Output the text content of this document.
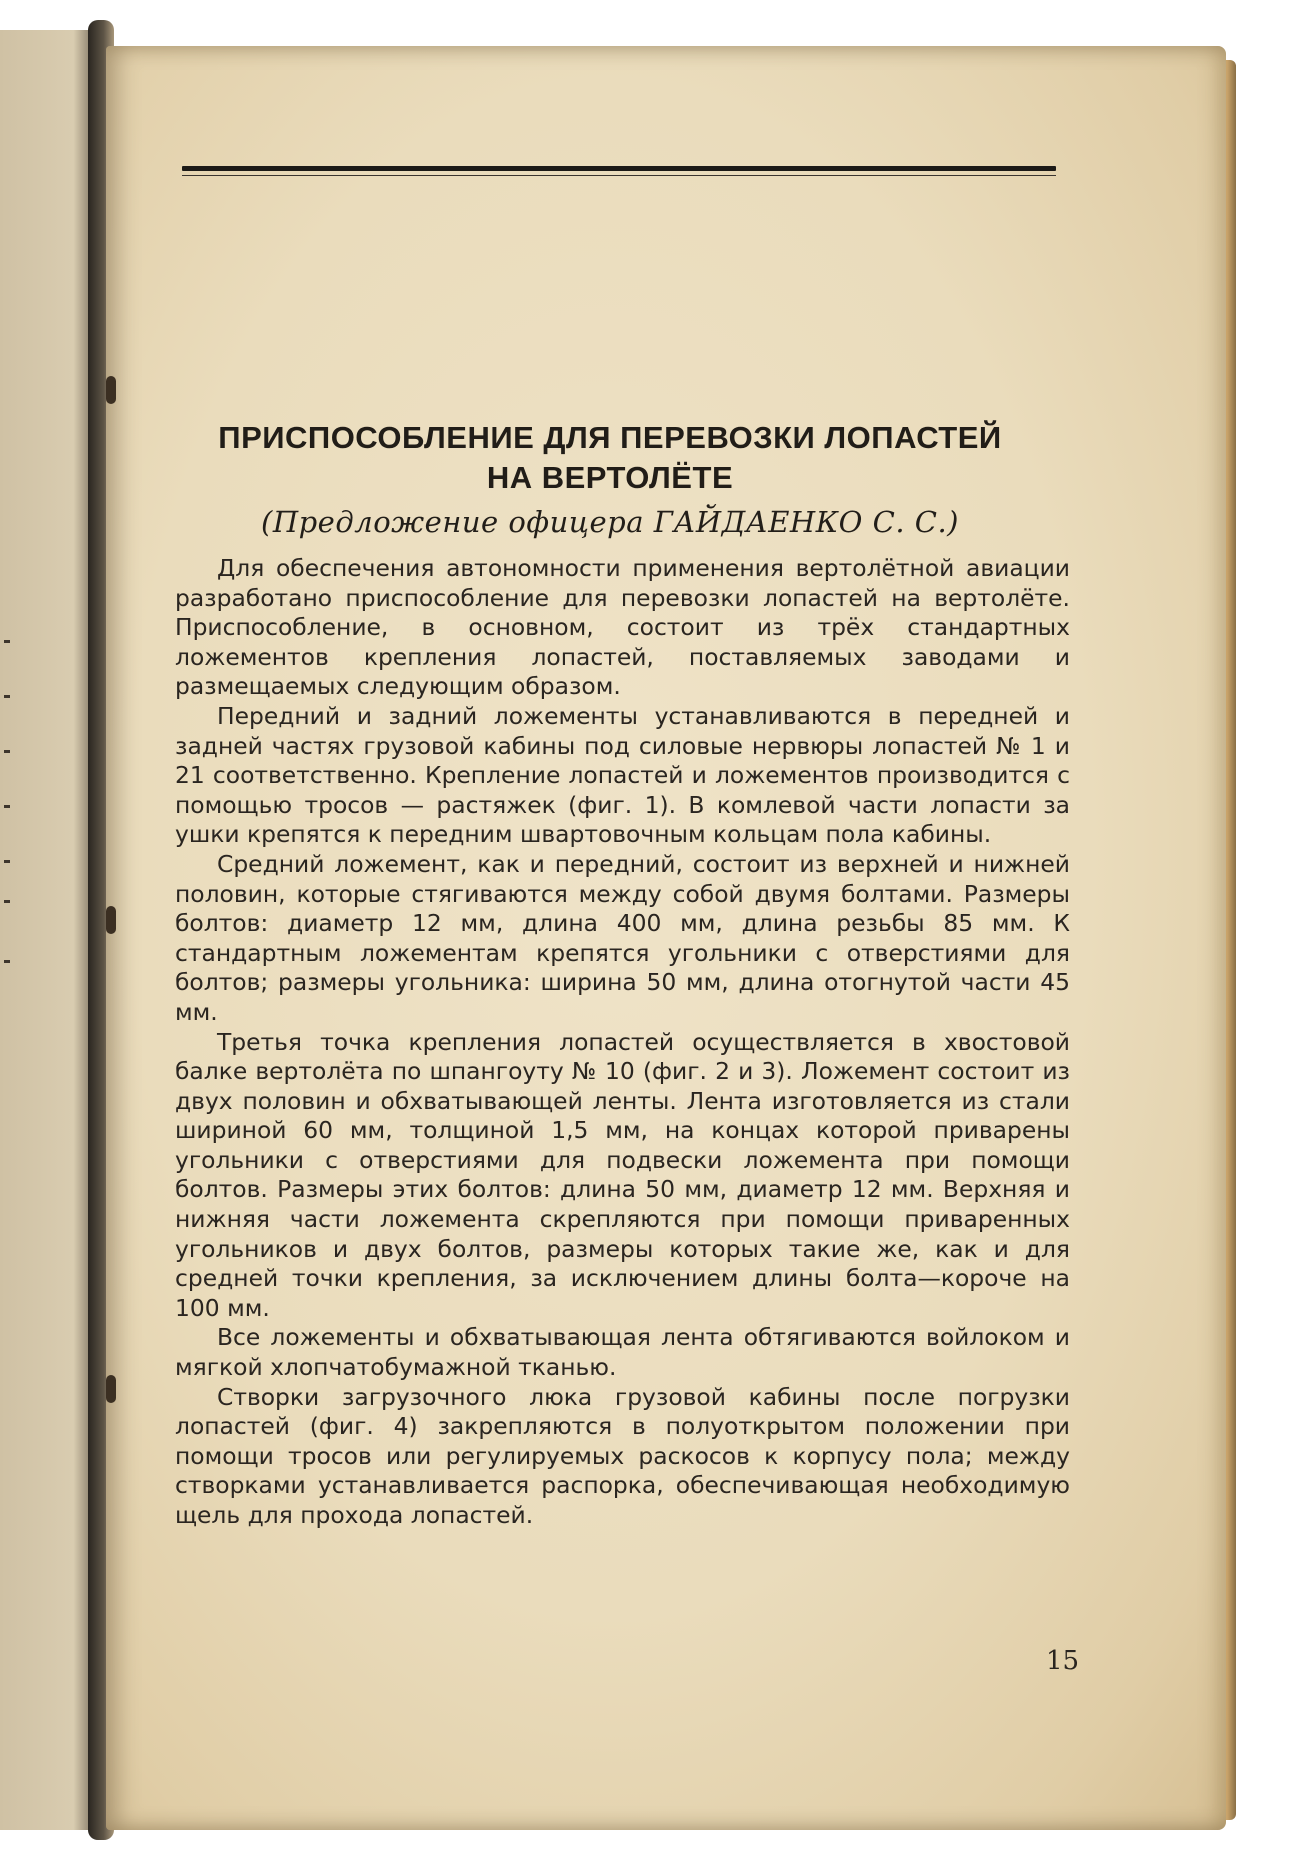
ПРИСПОСОБЛЕНИЕ ДЛЯ ПЕРЕВОЗКИ ЛОПАСТЕЙ
НА ВЕРТОЛЁТЕ
(Предложение офицера ГАЙДАЕНКО С. С.)

Для обеспечения автономности применения вертолётной авиации разработано приспособление для перевозки лопастей на вертолёте. Приспособление, в основном, состоит из трёх стандартных ложементов крепления лопастей, поставляемых заводами и размещаемых следующим образом.

Передний и задний ложементы устанавливаются в передней и задней частях грузовой кабины под силовые нервюры лопастей № 1 и 21 соответственно. Крепление лопастей и ложементов производится с помощью тросов — растяжек (фиг. 1). В комлевой части лопасти за ушки крепятся к передним швартовочным кольцам пола кабины.

Средний ложемент, как и передний, состоит из верхней и нижней половин, которые стягиваются между собой двумя болтами. Размеры болтов: диаметр 12 мм, длина 400 мм, длина резьбы 85 мм. К стандартным ложементам крепятся угольники с отверстиями для болтов; размеры угольника: ширина 50 мм, длина отогнутой части 45 мм.

Третья точка крепления лопастей осуществляется в хвостовой балке вертолёта по шпангоуту № 10 (фиг. 2 и 3). Ложемент состоит из двух половин и обхватывающей ленты. Лента изготовляется из стали шириной 60 мм, толщиной 1,5 мм, на концах которой приварены угольники с отверстиями для подвески ложемента при помощи болтов. Размеры этих болтов: длина 50 мм, диаметр 12 мм. Верхняя и нижняя части ложемента скрепляются при помощи приваренных угольников и двух болтов, размеры которых такие же, как и для средней точки крепления, за исключением длины болта—короче на 100 мм.

Все ложементы и обхватывающая лента обтягиваются войлоком и мягкой хлопчатобумажной тканью.

Створки загрузочного люка грузовой кабины после погрузки лопастей (фиг. 4) закрепляются в полуоткрытом положении при помощи тросов или регулируемых раскосов к корпусу пола; между створками устанавливается распорка, обеспечивающая необходимую щель для прохода лопастей.

15
